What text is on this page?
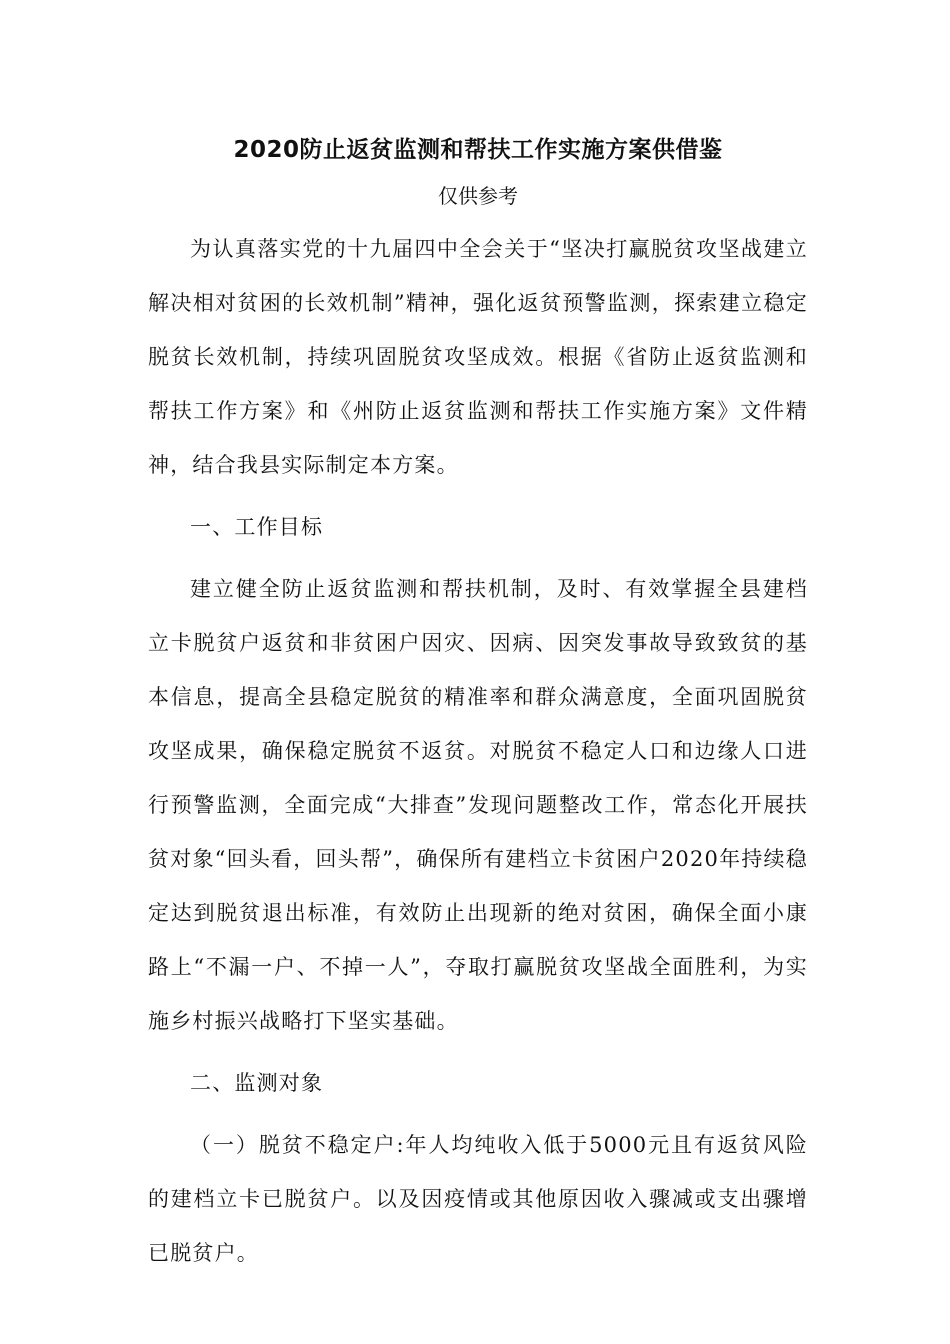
2020防止返贫监测和帮扶工作实施方案供借鉴

仅供参考

为认真落实党的十九届四中全会关于“坚决打赢脱贫攻坚战建立解决相对贫困的长效机制”精神，强化返贫预警监测，探索建立稳定脱贫长效机制，持续巩固脱贫攻坚成效。根据《省防止返贫监测和帮扶工作方案》和《州防止返贫监测和帮扶工作实施方案》文件精神，结合我县实际制定本方案。

一、工作目标

建立健全防止返贫监测和帮扶机制，及时、有效掌握全县建档立卡脱贫户返贫和非贫困户因灾、因病、因突发事故导致致贫的基本信息，提高全县稳定脱贫的精准率和群众满意度，全面巩固脱贫攻坚成果，确保稳定脱贫不返贫。对脱贫不稳定人口和边缘人口进行预警监测，全面完成“大排查”发现问题整改工作，常态化开展扶贫对象“回头看，回头帮”，确保所有建档立卡贫困户2020年持续稳定达到脱贫退出标准，有效防止出现新的绝对贫困，确保全面小康路上“不漏一户、不掉一人”，夺取打赢脱贫攻坚战全面胜利，为实施乡村振兴战略打下坚实基础。

二、监测对象

（一）脱贫不稳定户:年人均纯收入低于5000元且有返贫风险的建档立卡已脱贫户。以及因疫情或其他原因收入骤减或支出骤增已脱贫户。
